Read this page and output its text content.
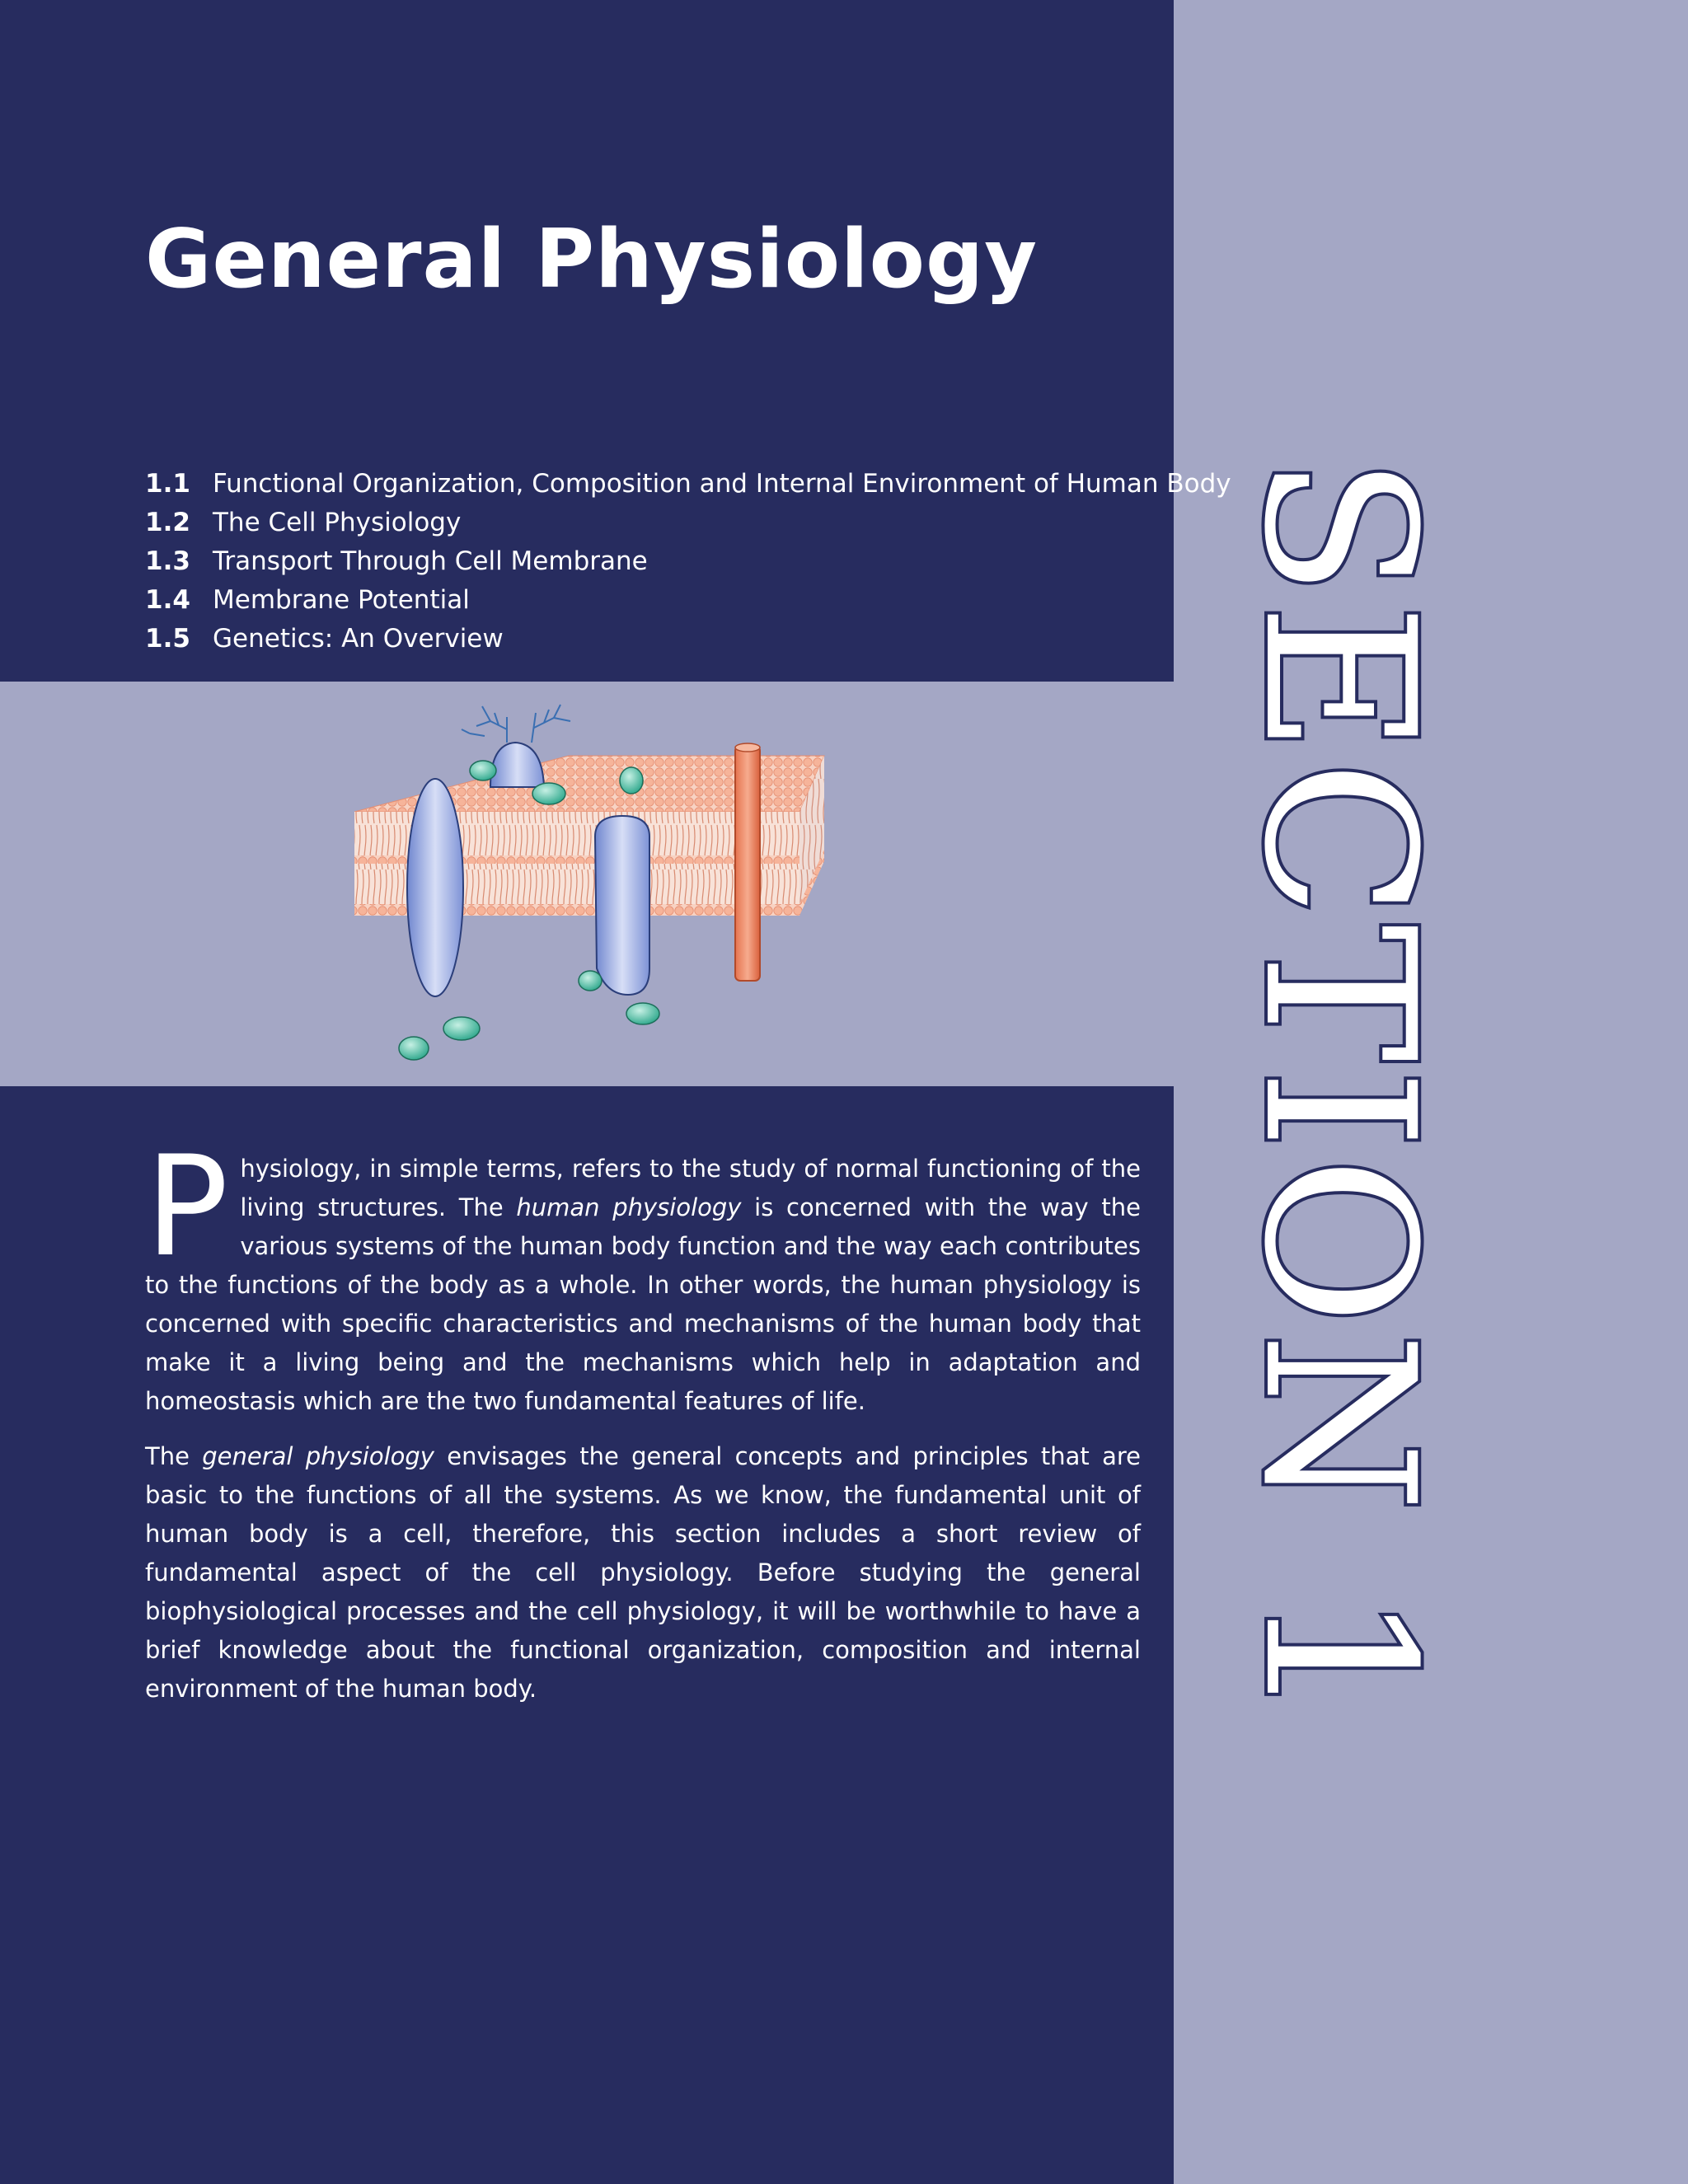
General Physiology
1.1 Functional Organization, Composition and Internal Environment of Human Body
1.2 The Cell Physiology
1.3 Transport Through Cell Membrane
1.4 Membrane Potential
1.5 Genetics: An Overview	SECTION 1

Physiology, in simple terms, refers to the study of normal functioning of the living structures. The human physiology is concerned with the way the various systems of the human body function and the way each contributes to the functions of the body as a whole. In other words, the human physiology is concerned with specific characteristics and mechanisms of the human body that make it a living being and the mechanisms which help in adaptation and homeostasis which are the two fundamental features of life.

The general physiology envisages the general concepts and principles that are basic to the functions of all the systems. As we know, the fundamental unit of human body is a cell, therefore, this section includes a short review of fundamental aspect of the cell physiology. Before studying the general biophysiological processes and the cell physiology, it will be worthwhile to have a brief knowledge about the functional organization, composition and internal environment of the human body.
